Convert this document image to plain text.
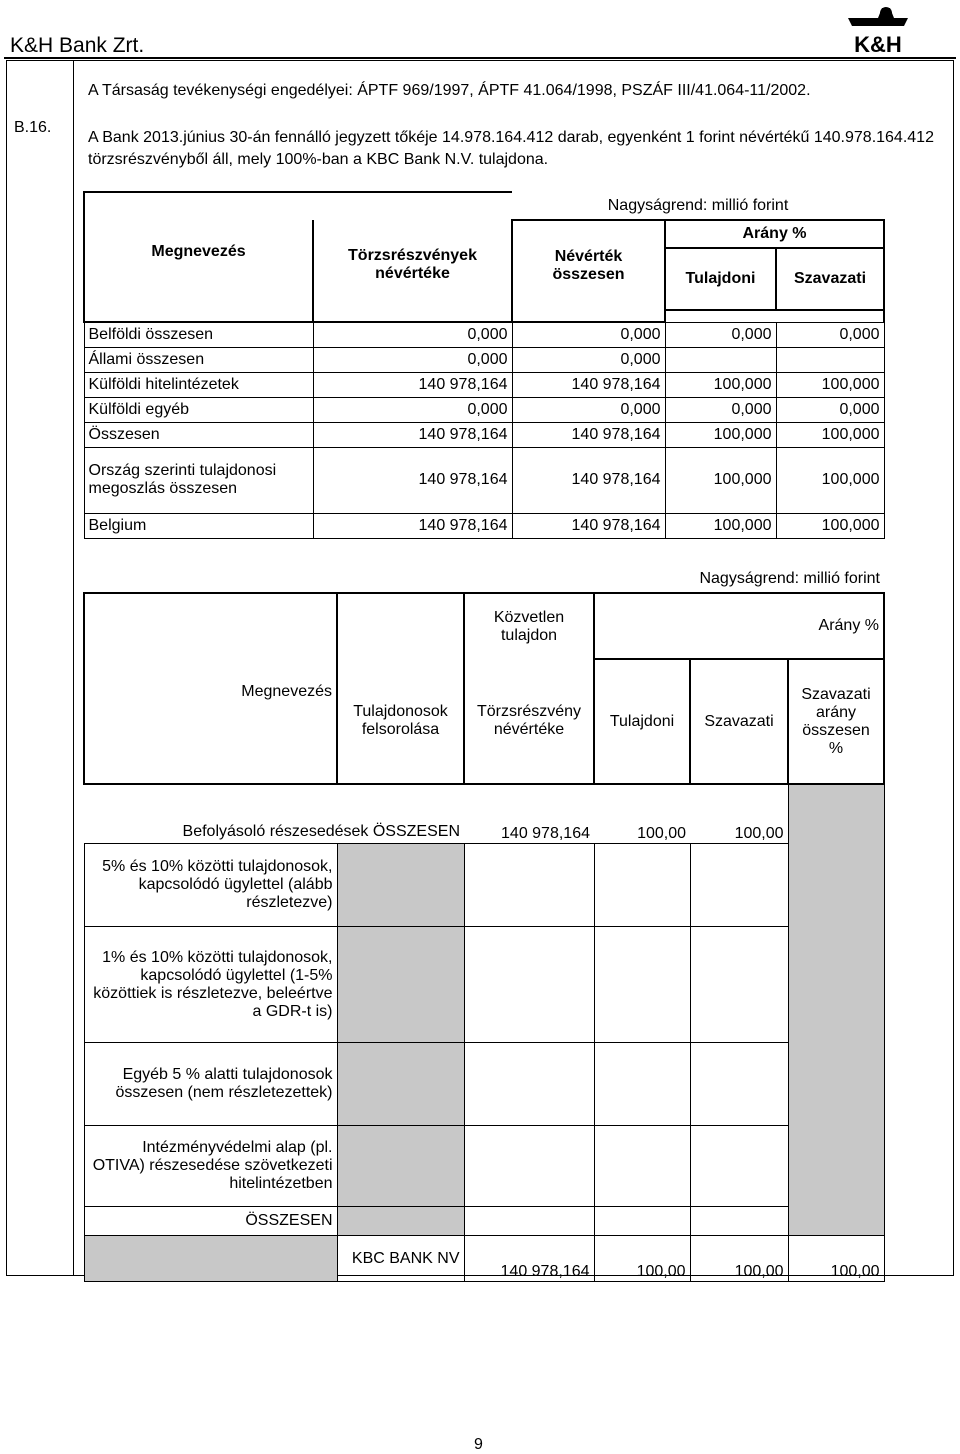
K&H Bank Zrt.	K&H
B.16.
A Társaság tevékenységi engedélyei: ÁPTF 969/1997, ÁPTF 41.064/1998, PSZÁF III/41.064-11/2002.
A Bank 2013.június 30-án fennálló jegyzett tőkéje 14.978.164.412 darab, egyenként 1 forint névértékű 140.978.164.412 törzsrészvényből áll, mely 100%-ban a KBC Bank N.V. tulajdona.
Megnevezés		Nagyságrend: millió forint		
	Törzsrészvények névértéke	Névérték összesen	Arány %	
			Tulajdoni	Szavazati

Belföldi összesen	0,000	0,000	0,000	0,000
Állami összesen	0,000	0,000		
Külföldi hitelintézetek	140 978,164	140 978,164	100,000	100,000
Külföldi egyéb	0,000	0,000	0,000	0,000
Összesen	140 978,164	140 978,164	100,000	100,000
Ország szerinti tulajdonosi megoszlás összesen	140 978,164	140 978,164	100,000	100,000
Belgium	140 978,164	140 978,164	100,000	100,000
				Nagyságrend: millió forint	
		Közvetlen tulajdon			Arány %
Megnevezés	Tulajdonosok felsorolása	Törzsrészvény névértéke	Tulajdoni	Szavazati	Szavazati arány összesen %
Befolyásoló részesedések ÖSSZESEN		140 978,164	100,00	100,00	
5% és 10% közötti tulajdonosok, kapcsolódó ügylettel (alább részletezve)					
1% és 10% közötti tulajdonosok, kapcsolódó ügylettel (1-5% közöttiek is részletezve, beleértve a GDR-t is)					
Egyéb 5 % alatti tulajdonosok összesen (nem részletezettek)					
Intézményvédelmi alap (pl. OTIVA) részesedése szövetkezeti hitelintézetben					
ÖSSZESEN					
	KBC BANK NV	140 978,164	100,00	100,00	100,00
9
